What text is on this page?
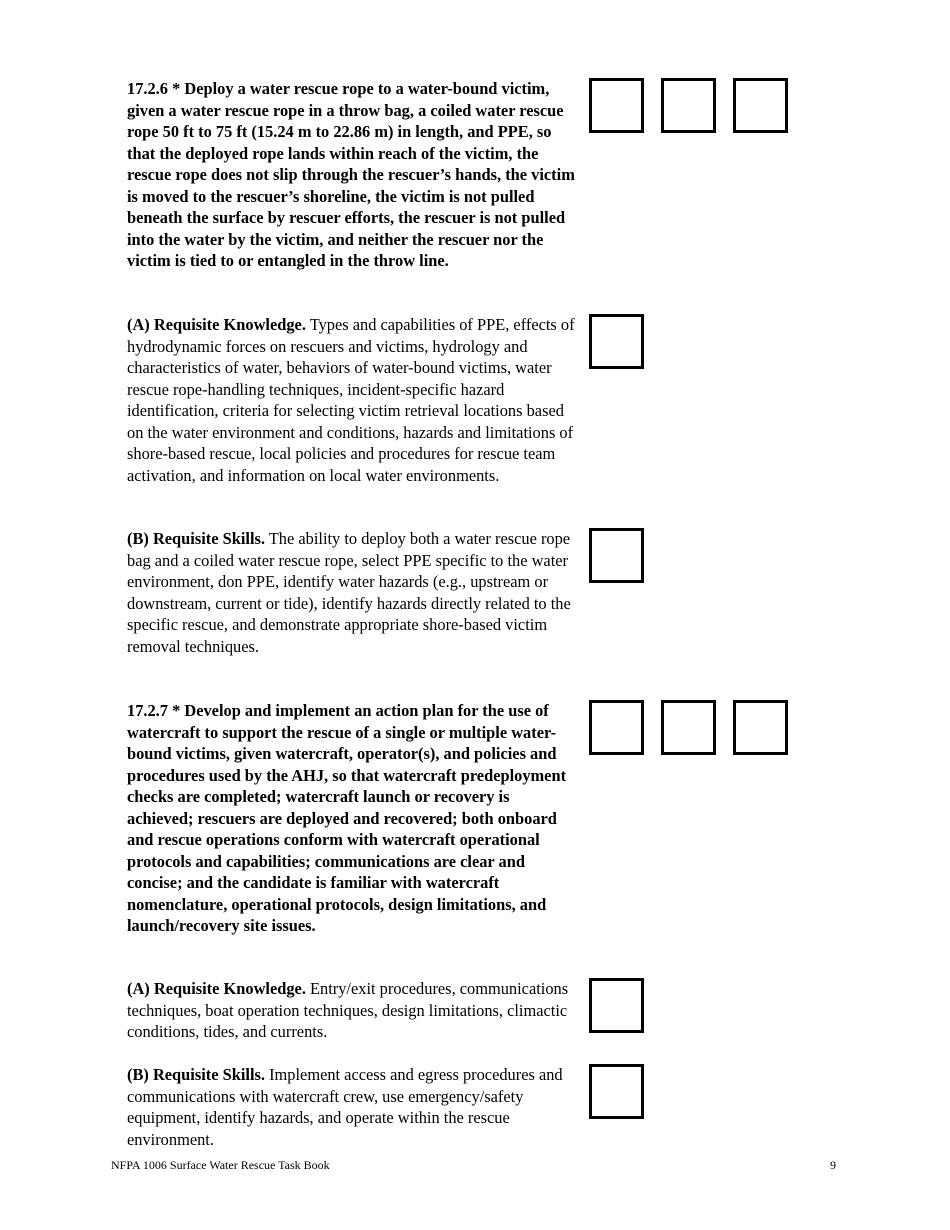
17.2.6 * Deploy a water rescue rope to a water-bound victim, given a water rescue rope in a throw bag, a coiled water rescue rope 50 ft to 75 ft (15.24 m to 22.86 m) in length, and PPE, so that the deployed rope lands within reach of the victim, the rescue rope does not slip through the rescuer’s hands, the victim is moved to the rescuer’s shoreline, the victim is not pulled beneath the surface by rescuer efforts, the rescuer is not pulled into the water by the victim, and neither the rescuer nor the victim is tied to or entangled in the throw line.

(A) Requisite Knowledge. Types and capabilities of PPE, effects of hydrodynamic forces on rescuers and victims, hydrology and characteristics of water, behaviors of water-bound victims, water rescue rope-handling techniques, incident-specific hazard identification, criteria for selecting victim retrieval locations based on the water environment and conditions, hazards and limitations of shore-based rescue, local policies and procedures for rescue team activation, and information on local water environments.

(B) Requisite Skills. The ability to deploy both a water rescue rope bag and a coiled water rescue rope, select PPE specific to the water environment, don PPE, identify water hazards (e.g., upstream or downstream, current or tide), identify hazards directly related to the specific rescue, and demonstrate appropriate shore-based victim removal techniques.

17.2.7 * Develop and implement an action plan for the use of watercraft to support the rescue of a single or multiple water-bound victims, given watercraft, operator(s), and policies and procedures used by the AHJ, so that watercraft predeployment checks are completed; watercraft launch or recovery is achieved; rescuers are deployed and recovered; both onboard and rescue operations conform with watercraft operational protocols and capabilities; communications are clear and concise; and the candidate is familiar with watercraft nomenclature, operational protocols, design limitations, and launch/recovery site issues.

(A) Requisite Knowledge. Entry/exit procedures, communications techniques, boat operation techniques, design limitations, climactic conditions, tides, and currents.

(B) Requisite Skills. Implement access and egress procedures and communications with watercraft crew, use emergency/safety equipment, identify hazards, and operate within the rescue environment.

NFPA 1006 Surface Water Rescue Task Book	9
